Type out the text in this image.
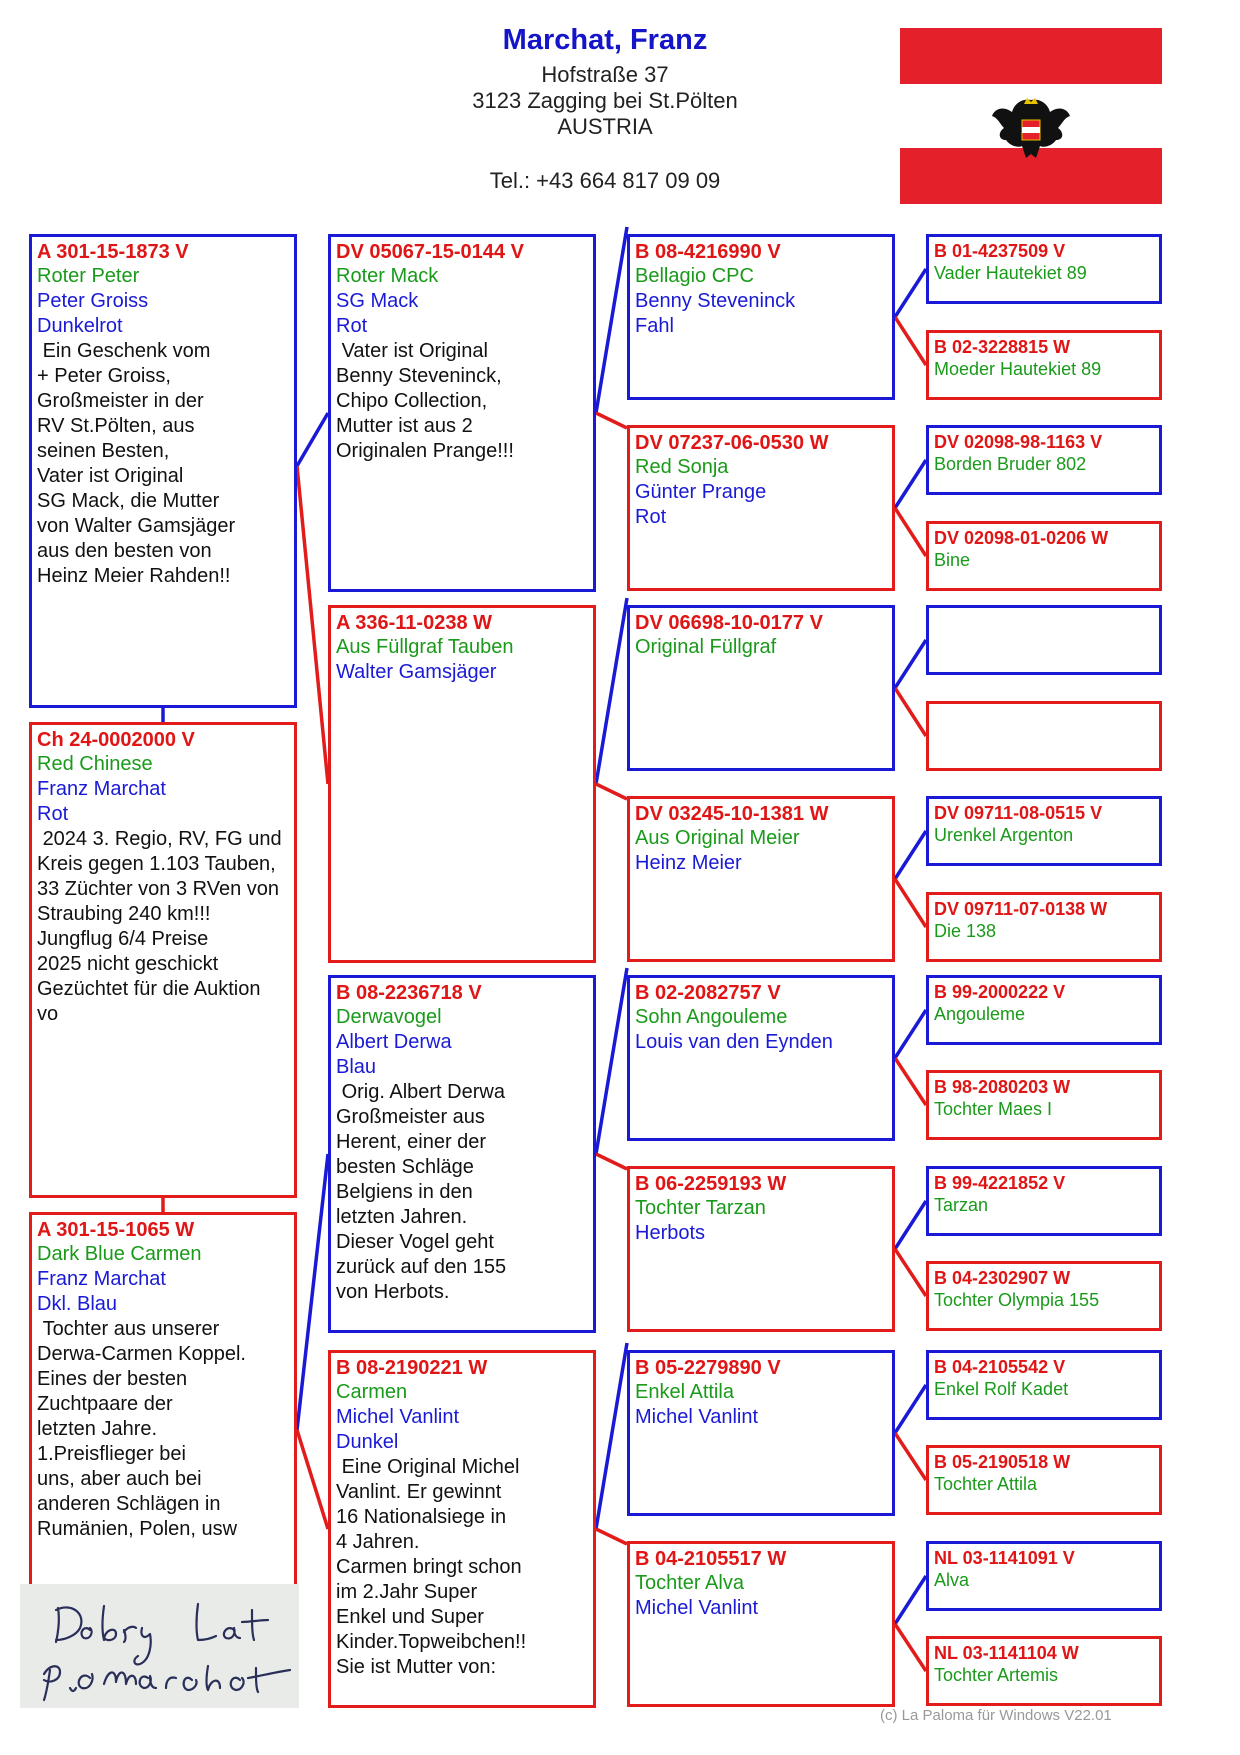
Marchat, Franz
Hofstraße 37
3123 Zagging bei St.Pölten
AUSTRIA
Tel.: +43 664 817 09 09
A 301-15-1873 V
Roter Peter
Peter Groiss
Dunkelrot
Ein Geschenk vom
+ Peter Groiss,
Großmeister in der
RV St.Pölten, aus
seinen Besten,
Vater ist Original
SG Mack, die Mutter
von Walter Gamsjäger
aus den besten von
Heinz Meier Rahden!!
Ch 24-0002000 V
Red Chinese
Franz Marchat
Rot
2024 3. Regio, RV, FG und
Kreis gegen 1.103 Tauben,
33 Züchter von 3 RVen von
Straubing 240 km!!!
Jungflug 6/4 Preise
2025 nicht geschickt
Gezüchtet für die Auktion
vo
A 301-15-1065 W
Dark Blue Carmen
Franz Marchat
Dkl. Blau
Tochter aus unserer
Derwa-Carmen Koppel.
Eines der besten
Zuchtpaare der
letzten Jahre.
1.Preisflieger bei
uns, aber auch bei
anderen Schlägen in
Rumänien, Polen, usw
DV 05067-15-0144 V
Roter Mack
SG Mack
Rot
Vater ist Original
Benny Steveninck,
Chipo Collection,
Mutter ist aus 2
Originalen Prange!!!
A 336-11-0238 W
Aus Füllgraf Tauben
Walter Gamsjäger
B 08-2236718 V
Derwavogel
Albert Derwa
Blau
Orig. Albert Derwa
Großmeister aus
Herent, einer der
besten Schläge
Belgiens in den
letzten Jahren.
Dieser Vogel geht
zurück auf den 155
von Herbots.
B 08-2190221 W
Carmen
Michel Vanlint
Dunkel
Eine Original Michel
Vanlint. Er gewinnt
16 Nationalsiege in
4 Jahren.
Carmen bringt schon
im 2.Jahr Super
Enkel und Super
Kinder.Topweibchen!!
Sie ist Mutter von:
B 08-4216990 V
Bellagio CPC
Benny Steveninck
Fahl
DV 07237-06-0530 W
Red Sonja
Günter Prange
Rot
DV 06698-10-0177 V
Original Füllgraf
DV 03245-10-1381 W
Aus Original Meier
Heinz Meier
B 02-2082757 V
Sohn Angouleme
Louis van den Eynden
B 06-2259193 W
Tochter Tarzan
Herbots
B 05-2279890 V
Enkel Attila
Michel Vanlint
B 04-2105517 W
Tochter Alva
Michel Vanlint
B 01-4237509 V
Vader Hautekiet 89
B 02-3228815 W
Moeder Hautekiet 89
DV 02098-98-1163 V
Borden Bruder 802
DV 02098-01-0206 W
Bine
DV 09711-08-0515 V
Urenkel Argenton
DV 09711-07-0138 W
Die 138
B 99-2000222 V
Angouleme
B 98-2080203 W
Tochter Maes I
B 99-4221852 V
Tarzan
B 04-2302907 W
Tochter Olympia 155
B 04-2105542 V
Enkel Rolf Kadet
B 05-2190518 W
Tochter Attila
NL 03-1141091 V
Alva
NL 03-1141104 W
Tochter Artemis
(c) La Paloma für Windows V22.01
